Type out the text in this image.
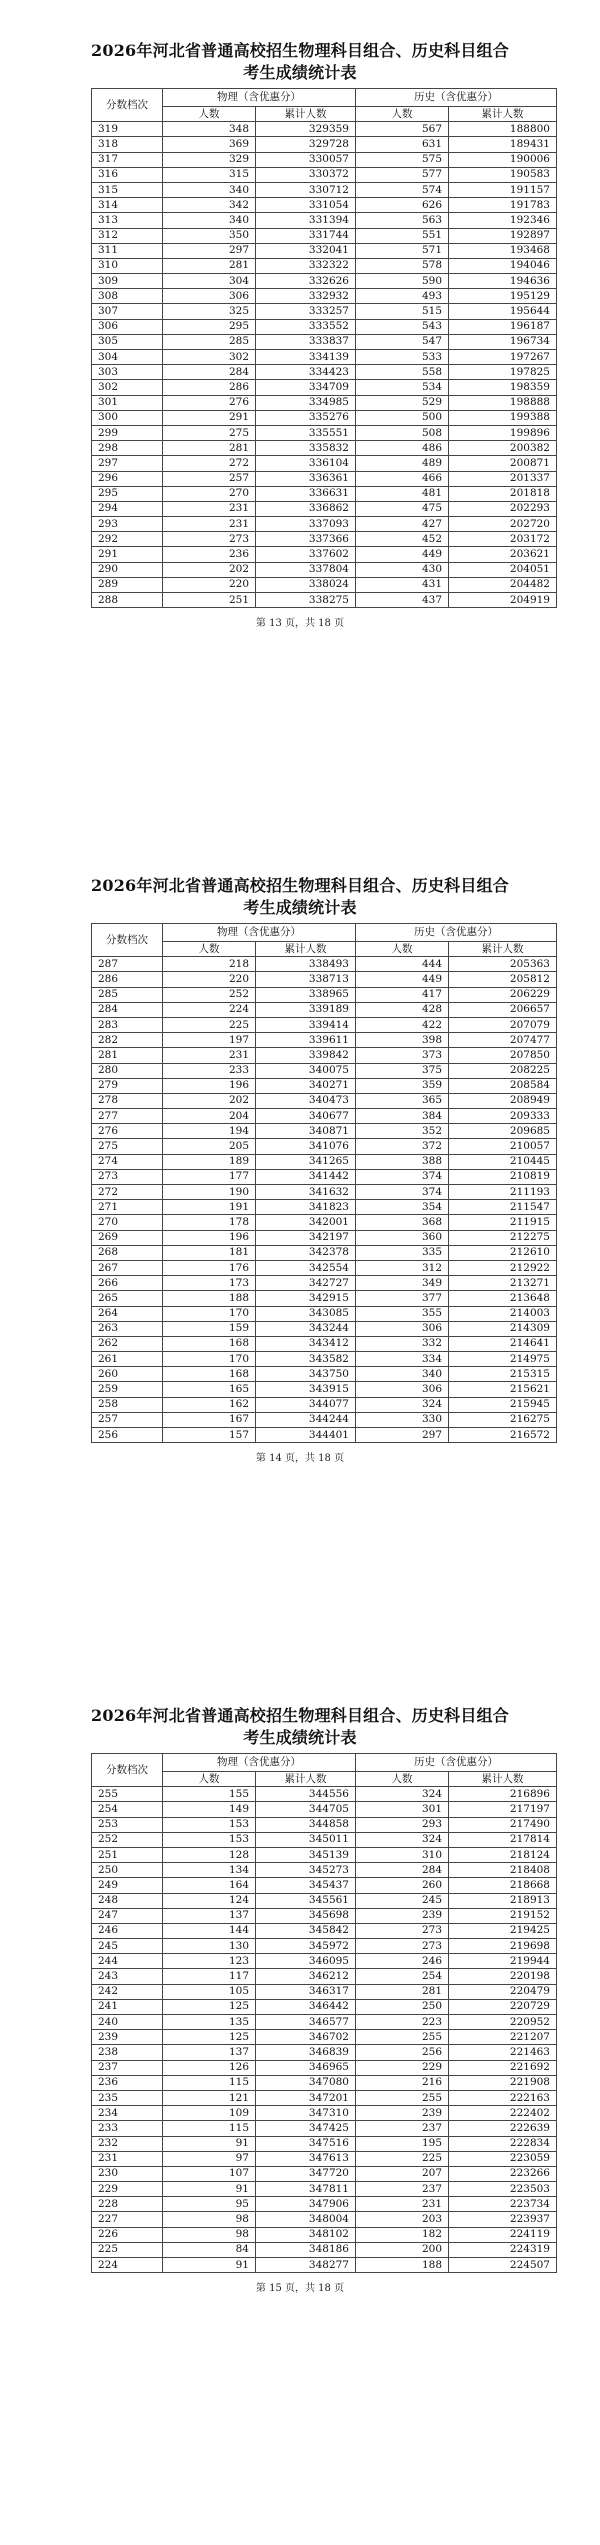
2026年河北省普通高校招生物理科目组合、历史科目组合

考生成绩统计表

分数档次	物理（含优惠分）		历史（含优惠分）	
	人数	累计人数	人数	累计人数
319	348	329359	567	188800
318	369	329728	631	189431
317	329	330057	575	190006
316	315	330372	577	190583
315	340	330712	574	191157
314	342	331054	626	191783
313	340	331394	563	192346
312	350	331744	551	192897
311	297	332041	571	193468
310	281	332322	578	194046
309	304	332626	590	194636
308	306	332932	493	195129
307	325	333257	515	195644
306	295	333552	543	196187
305	285	333837	547	196734
304	302	334139	533	197267
303	284	334423	558	197825
302	286	334709	534	198359
301	276	334985	529	198888
300	291	335276	500	199388
299	275	335551	508	199896
298	281	335832	486	200382
297	272	336104	489	200871
296	257	336361	466	201337
295	270	336631	481	201818
294	231	336862	475	202293
293	231	337093	427	202720
292	273	337366	452	203172
291	236	337602	449	203621
290	202	337804	430	204051
289	220	338024	431	204482
288	251	338275	437	204919
第 13 页，共 18 页

2026年河北省普通高校招生物理科目组合、历史科目组合

考生成绩统计表

分数档次	物理（含优惠分）		历史（含优惠分）	
	人数	累计人数	人数	累计人数
287	218	338493	444	205363
286	220	338713	449	205812
285	252	338965	417	206229
284	224	339189	428	206657
283	225	339414	422	207079
282	197	339611	398	207477
281	231	339842	373	207850
280	233	340075	375	208225
279	196	340271	359	208584
278	202	340473	365	208949
277	204	340677	384	209333
276	194	340871	352	209685
275	205	341076	372	210057
274	189	341265	388	210445
273	177	341442	374	210819
272	190	341632	374	211193
271	191	341823	354	211547
270	178	342001	368	211915
269	196	342197	360	212275
268	181	342378	335	212610
267	176	342554	312	212922
266	173	342727	349	213271
265	188	342915	377	213648
264	170	343085	355	214003
263	159	343244	306	214309
262	168	343412	332	214641
261	170	343582	334	214975
260	168	343750	340	215315
259	165	343915	306	215621
258	162	344077	324	215945
257	167	344244	330	216275
256	157	344401	297	216572
第 14 页，共 18 页

2026年河北省普通高校招生物理科目组合、历史科目组合

考生成绩统计表

分数档次	物理（含优惠分）		历史（含优惠分）	
	人数	累计人数	人数	累计人数
255	155	344556	324	216896
254	149	344705	301	217197
253	153	344858	293	217490
252	153	345011	324	217814
251	128	345139	310	218124
250	134	345273	284	218408
249	164	345437	260	218668
248	124	345561	245	218913
247	137	345698	239	219152
246	144	345842	273	219425
245	130	345972	273	219698
244	123	346095	246	219944
243	117	346212	254	220198
242	105	346317	281	220479
241	125	346442	250	220729
240	135	346577	223	220952
239	125	346702	255	221207
238	137	346839	256	221463
237	126	346965	229	221692
236	115	347080	216	221908
235	121	347201	255	222163
234	109	347310	239	222402
233	115	347425	237	222639
232	91	347516	195	222834
231	97	347613	225	223059
230	107	347720	207	223266
229	91	347811	237	223503
228	95	347906	231	223734
227	98	348004	203	223937
226	98	348102	182	224119
225	84	348186	200	224319
224	91	348277	188	224507
第 15 页，共 18 页
